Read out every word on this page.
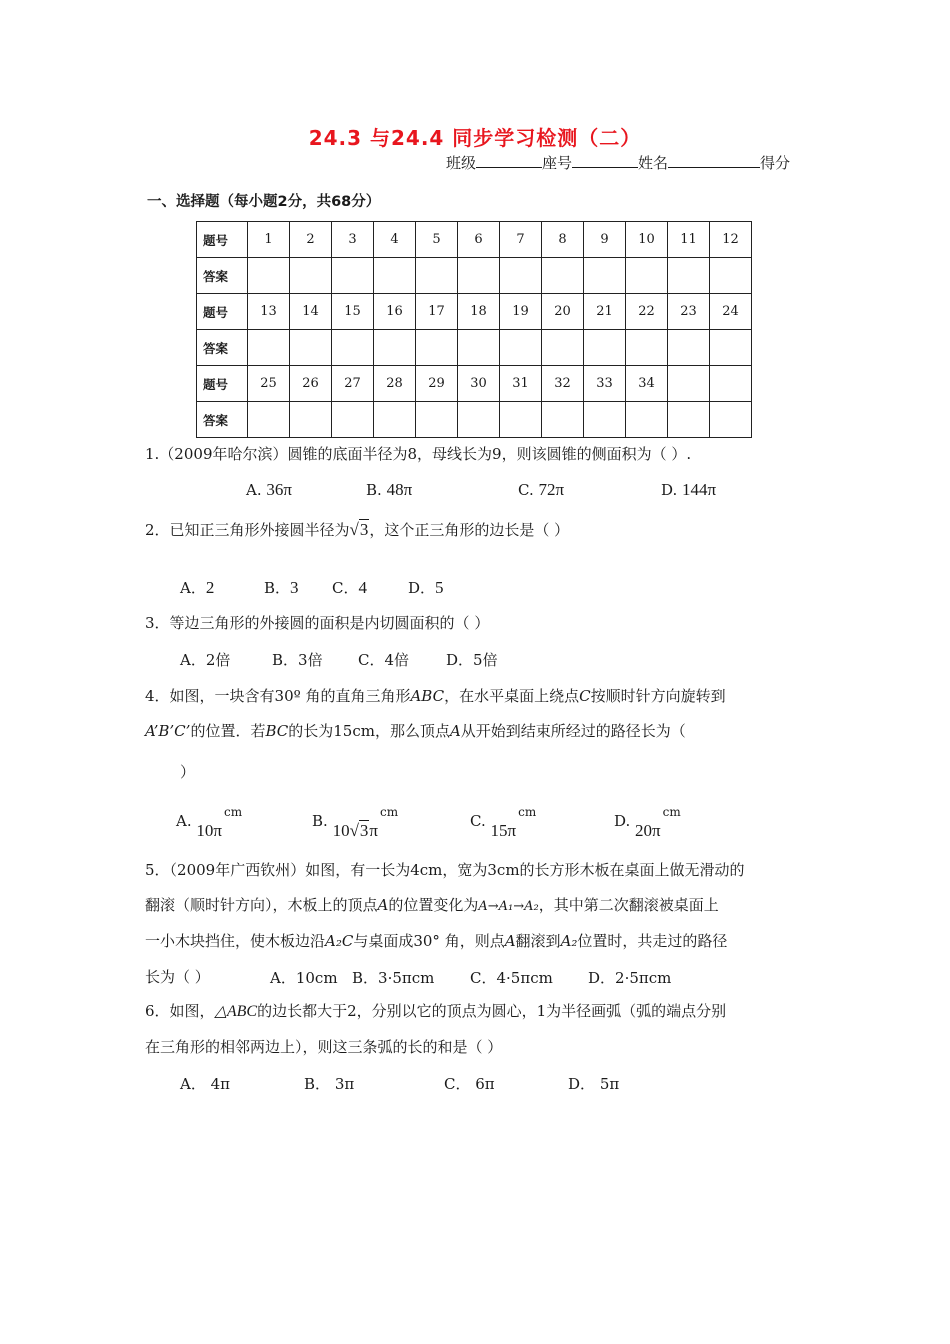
24.3 与24.4 同步学习检测（二）
班级	座号	姓名	得分
一、选择题（每小题2分，共68分）
题号	1	2	3	4	5	6	7	8	9	10	11	12
答案												
题号	13	14	15	16	17	18	19	20	21	22	23	24
答案												
题号	25	26	27	28	29	30	31	32	33	34		
答案												
1.（2009年哈尔滨）圆锥的底面半径为8，母线长为9，则该圆锥的侧面积为（ ）.
A. 36π	B. 48π	C. 72π	D. 144π
2．已知正三角形外接圆半径为√3，这个正三角形的边长是（ ）
A．2	B．3 C．4	D．5
3．等边三角形的外接圆的面积是内切圆面积的（ ）
A．2倍	B．3倍 C．4倍 D．5倍
4．如图，一块含有30º 角的直角三角形ABC，在水平桌面上绕点C按顺时针方向旋转到
A’B’C’的位置．若BC的长为15cm，那么顶点A从开始到结束所经过的路径长为（
）
A. $10\pi^{cm}$	B. $10√3\pi^{cm}$	C. $15\pi^{cm}$	D. $20\pi^{cm}$
5．（2009年广西钦州）如图，有一长为4cm，宽为3cm的长方形木板在桌面上做无滑动的
翻滚（顺时针方向），木板上的顶点A的位置变化为A→A₁→A₂，其中第二次翻滚被桌面上
一小木块挡住，使木板边沿A₂C与桌面成30° 角，则点A翻滚到A₂位置时，共走过的路径
长为（ ）	A．10cm B．3·5πcm C．4·5πcm D．2·5πcm
6．如图，△ABC的边长都大于2，分别以它的顶点为圆心，1为半径画弧（弧的端点分别
在三角形的相邻两边上），则这三条弧的长的和是（ ）
A． 4π	B． 3π	C． 6π	D． 5π
